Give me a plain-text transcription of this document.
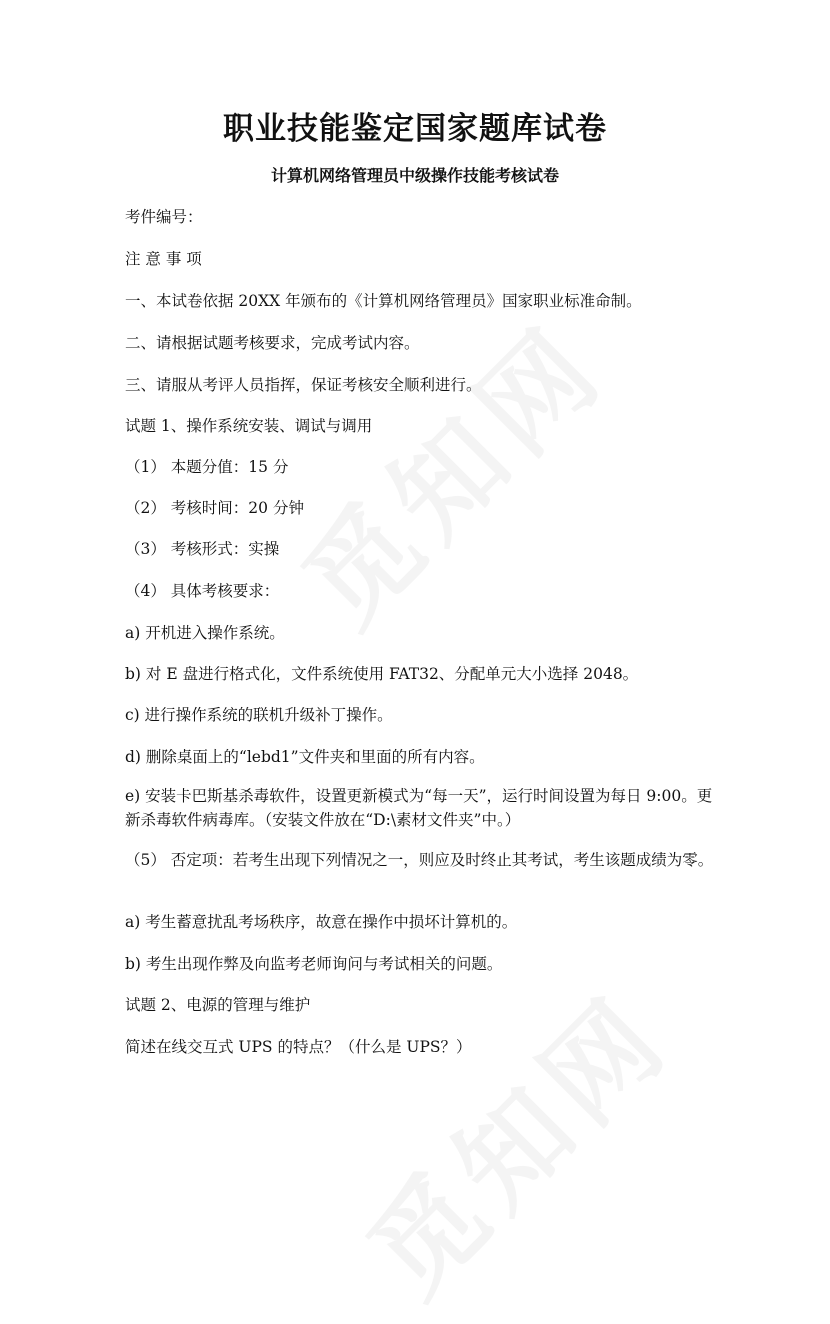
职业技能鉴定国家题库试卷
计算机网络管理员中级操作技能考核试卷
考件编号：
注 意 事 项
一、本试卷依据 20XX 年颁布的《计算机网络管理员》国家职业标准命制。
二、请根据试题考核要求，完成考试内容。
三、请服从考评人员指挥，保证考核安全顺利进行。
试题 1、操作系统安装、调试与调用
（1） 本题分值：15 分
（2） 考核时间：20 分钟
（3） 考核形式：实操
（4） 具体考核要求：
a) 开机进入操作系统。
b) 对 E 盘进行格式化，文件系统使用 FAT32、分配单元大小选择 2048。
c) 进行操作系统的联机升级补丁操作。
d) 删除桌面上的“lebd1”文件夹和里面的所有内容。
e) 安装卡巴斯基杀毒软件，设置更新模式为“每一天”，运行时间设置为每日 9:00。更新杀毒软件病毒库。（安装文件放在“D:\素材文件夹”中。）
（5） 否定项：若考生出现下列情况之一，则应及时终止其考试，考生该题成绩为零。
a) 考生蓄意扰乱考场秩序，故意在操作中损坏计算机的。
b) 考生出现作弊及向监考老师询问与考试相关的问题。
试题 2、电源的管理与维护
简述在线交互式 UPS 的特点？（什么是 UPS？）
